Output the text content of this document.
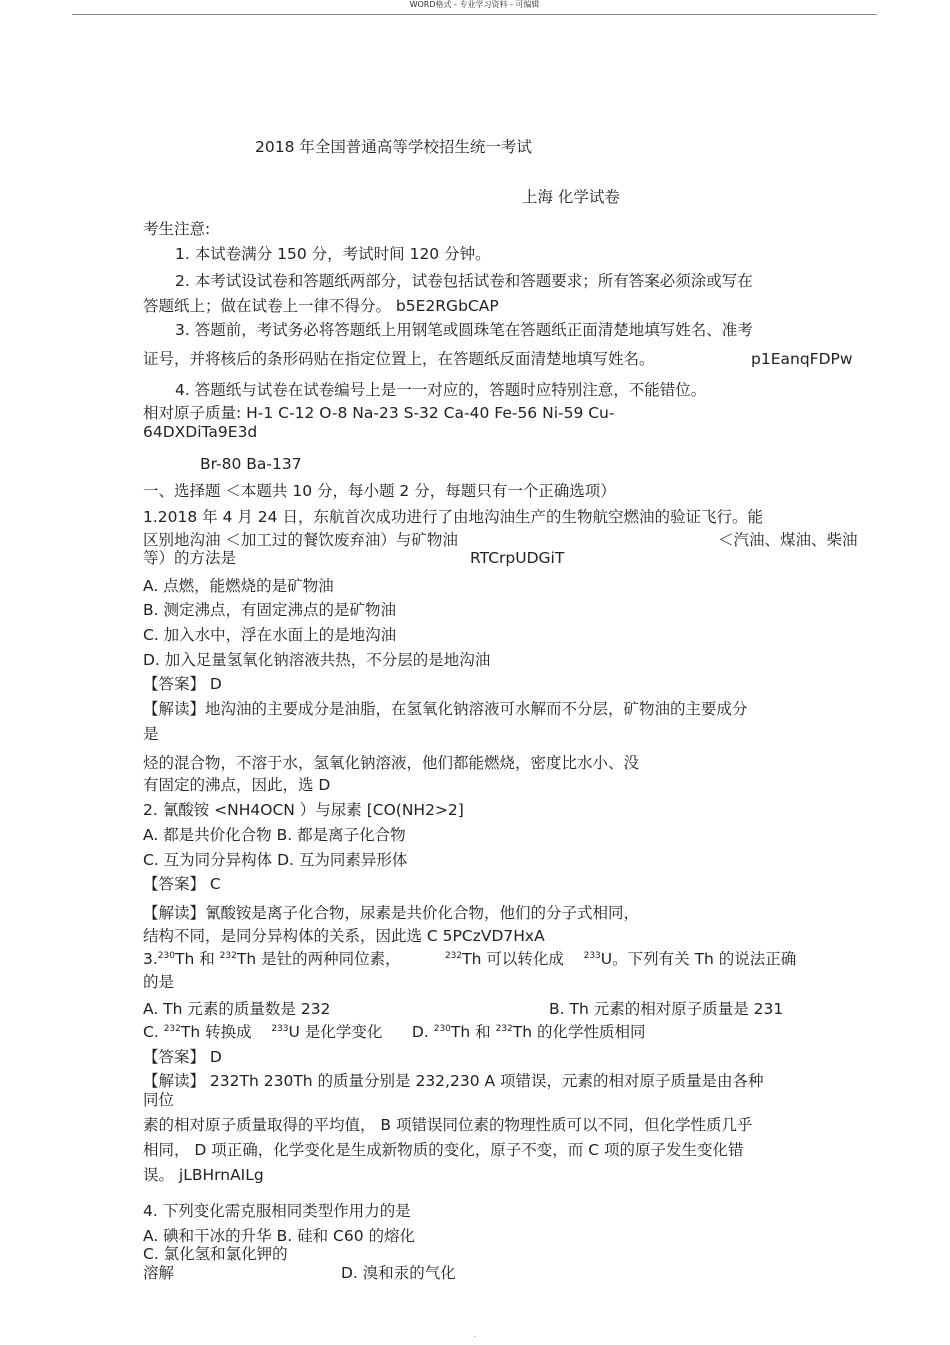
WORD格式 - 专业学习资料 - 可编辑
2018 年全国普通高等学校招生统一考试
上海 化学试卷
考生注意:
1. 本试卷满分 150 分，考试时间 120 分钟。
2. 本考试设试卷和答题纸两部分，试卷包括试卷和答题要求；所有答案必须涂或写在
答题纸上；做在试卷上一律不得分。 b5E2RGbCAP
3. 答题前，考试务必将答题纸上用钢笔或圆珠笔在答题纸正面清楚地填写姓名、准考
证号，并将核后的条形码贴在指定位置上，在答题纸反面清楚地填写姓名。	p1EanqFDPw
4. 答题纸与试卷在试卷编号上是一一对应的，答题时应特别注意，不能错位。
相对原子质量: H-1 C-12 O-8 Na-23 S-32 Ca-40 Fe-56 Ni-59 Cu-
64DXDiTa9E3d
Br-80 Ba-137
一、选择题 ＜本题共 10 分，每小题 2 分，每题只有一个正确选项）
1.2018 年 4 月 24 日，东航首次成功进行了由地沟油生产的生物航空燃油的验证飞行。能
区别地沟油 ＜加工过的餐饮废弃油）与矿物油	＜汽油、煤油、柴油
等）的方法是	RTCrpUDGiT
A. 点燃，能燃烧的是矿物油
B. 测定沸点，有固定沸点的是矿物油
C. 加入水中，浮在水面上的是地沟油
D. 加入足量氢氧化钠溶液共热，不分层的是地沟油
【答案】 D
【解读】地沟油的主要成分是油脂，在氢氧化钠溶液可水解而不分层，矿物油的主要成分
是
烃的混合物，不溶于水，氢氧化钠溶液，他们都能燃烧，密度比水小、没
有固定的沸点，因此，选 D
2. 氰酸铵 <NH4OCN ）与尿素 [CO(NH2>2]
A. 都是共价化合物 B. 都是离子化合物
C. 互为同分异构体 D. 互为同素异形体
【答案】 C
【解读】氰酸铵是离子化合物，尿素是共价化合物，他们的分子式相同，
结构不同，是同分异构体的关系，因此选 C 5PCzVD7HxA
3.$^{230}$Th 和 $^{232}$Th 是钍的两种同位素，	$^{232}$Th 可以转化成 $^{233}$U。下列有关 Th 的说法正确
的是
A. Th 元素的质量数是 232	B. Th 元素的相对原子质量是 231
C. $^{232}$Th 转换成 $^{233}$U 是化学变化 D. $^{230}$Th 和 $^{232}$Th 的化学性质相同
【答案】 D
【解读】 232Th 230Th 的质量分别是 232,230 A 项错误，元素的相对原子质量是由各种
同位
素的相对原子质量取得的平均值， B 项错误同位素的物理性质可以不同，但化学性质几乎
相同， D 项正确，化学变化是生成新物质的变化，原子不变，而 C 项的原子发生变化错
误。 jLBHrnAILg
4. 下列变化需克服相同类型作用力的是
A. 碘和干冰的升华 B. 硅和 C60 的熔化
C. 氯化氢和氯化钾的
溶解	D. 溴和汞的气化
.
